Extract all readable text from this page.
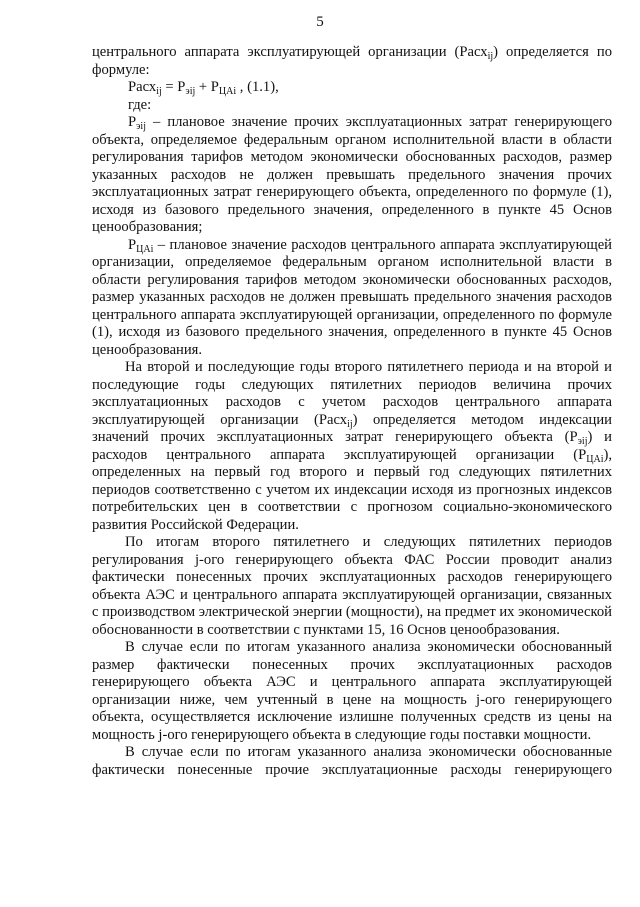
5

центрального аппарата эксплуатирующей организации (Расх$_{ij}$) определяется по формуле:

Расх$_{ij}$ = $Р_{эij} + Р_{ЦАi}$ , (1.1),

где:

$Р_{эij}$ – плановое значение прочих эксплуатационных затрат генерирующего объекта, определяемое федеральным органом исполнительной власти в области регулирования тарифов методом экономически обоснованных расходов, размер указанных расходов не должен превышать предельного значения прочих эксплуатационных затрат генерирующего объекта, определенного по формуле (1), исходя из базового предельного значения, определенного в пункте 45 Основ ценообразования;

$Р_{ЦАi}$ – плановое значение расходов центрального аппарата эксплуатирующей организации, определяемое федеральным органом исполнительной власти в области регулирования тарифов методом экономически обоснованных расходов, размер указанных расходов не должен превышать предельного значения расходов центрального аппарата эксплуатирующей организации, определенного по формуле (1), исходя из базового предельного значения, определенного в пункте 45 Основ ценообразования.

На второй и последующие годы второго пятилетнего периода и на второй и последующие годы следующих пятилетних периодов величина прочих эксплуатационных расходов с учетом расходов центрального аппарата эксплуатирующей организации (Расх$_{ij}$) определяется методом индексации значений прочих эксплуатационных затрат генерирующего объекта $(Р_{эij})$ и расходов центрального аппарата эксплуатирующей организации $(Р_{ЦАi})$, определенных на первый год второго и первый год следующих пятилетних периодов соответственно с учетом их индексации исходя из прогнозных индексов потребительских цен в соответствии с прогнозом социально-экономического развития Российской Федерации.

По итогам второго пятилетнего и следующих пятилетних периодов регулирования j-ого генерирующего объекта ФАС России проводит анализ фактически понесенных прочих эксплуатационных расходов генерирующего объекта АЭС и центрального аппарата эксплуатирующей организации, связанных с производством электрической энергии (мощности), на предмет их экономической обоснованности в соответствии с пунктами 15, 16 Основ ценообразования.

В случае если по итогам указанного анализа экономически обоснованный размер фактически понесенных прочих эксплуатационных расходов генерирующего объекта АЭС и центрального аппарата эксплуатирующей организации ниже, чем учтенный в цене на мощность j-ого генерирующего объекта, осуществляется исключение излишне полученных средств из цены на мощность j-ого генерирующего объекта в следующие годы поставки мощности.

В случае если по итогам указанного анализа экономически обоснованные фактически понесенные прочие эксплуатационные расходы генерирующего
